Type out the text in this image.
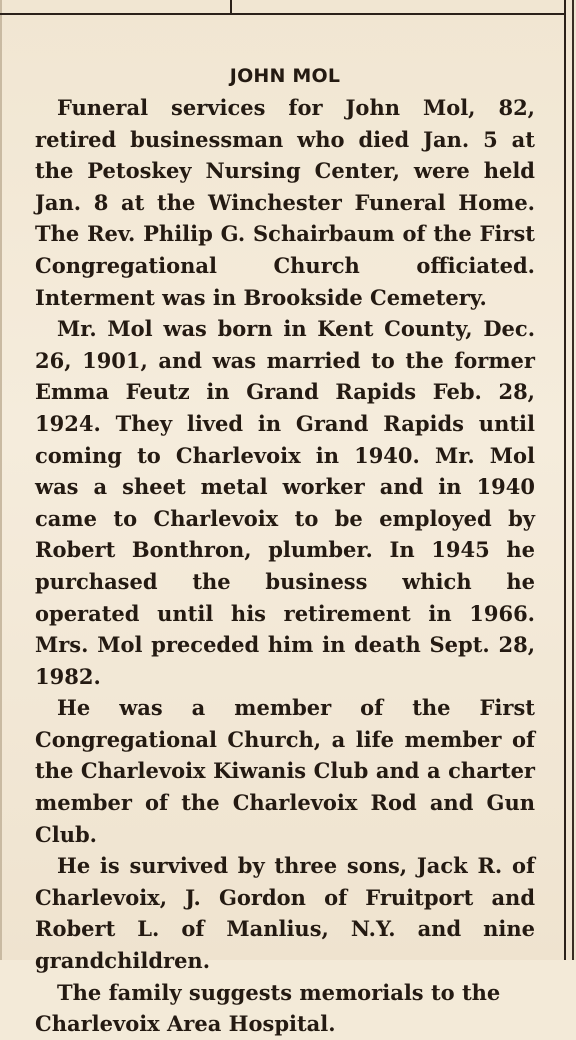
JOHN MOL

Funeral services for John Mol, 82, retired businessman who died Jan. 5 at the Petoskey Nursing Center, were held Jan. 8 at the Winchester Funeral Home. The Rev. Philip G. Schairbaum of the First Congregational Church officiated. Interment was in Brookside Cemetery.

Mr. Mol was born in Kent County, Dec. 26, 1901, and was married to the former Emma Feutz in Grand Rapids Feb. 28, 1924. They lived in Grand Rapids until coming to Charlevoix in 1940. Mr. Mol was a sheet metal worker and in 1940 came to Charlevoix to be employed by Robert Bonthron, plumber. In 1945 he purchased the business which he operated until his retirement in 1966. Mrs. Mol preceded him in death Sept. 28, 1982.

He was a member of the First Congregational Church, a life member of the Charlevoix Kiwanis Club and a charter member of the Charlevoix Rod and Gun Club.

He is survived by three sons, Jack R. of Charlevoix, J. Gordon of Fruitport and Robert L. of Manlius, N.Y. and nine grandchildren.

The family suggests memorials to the Charlevoix Area Hospital.
